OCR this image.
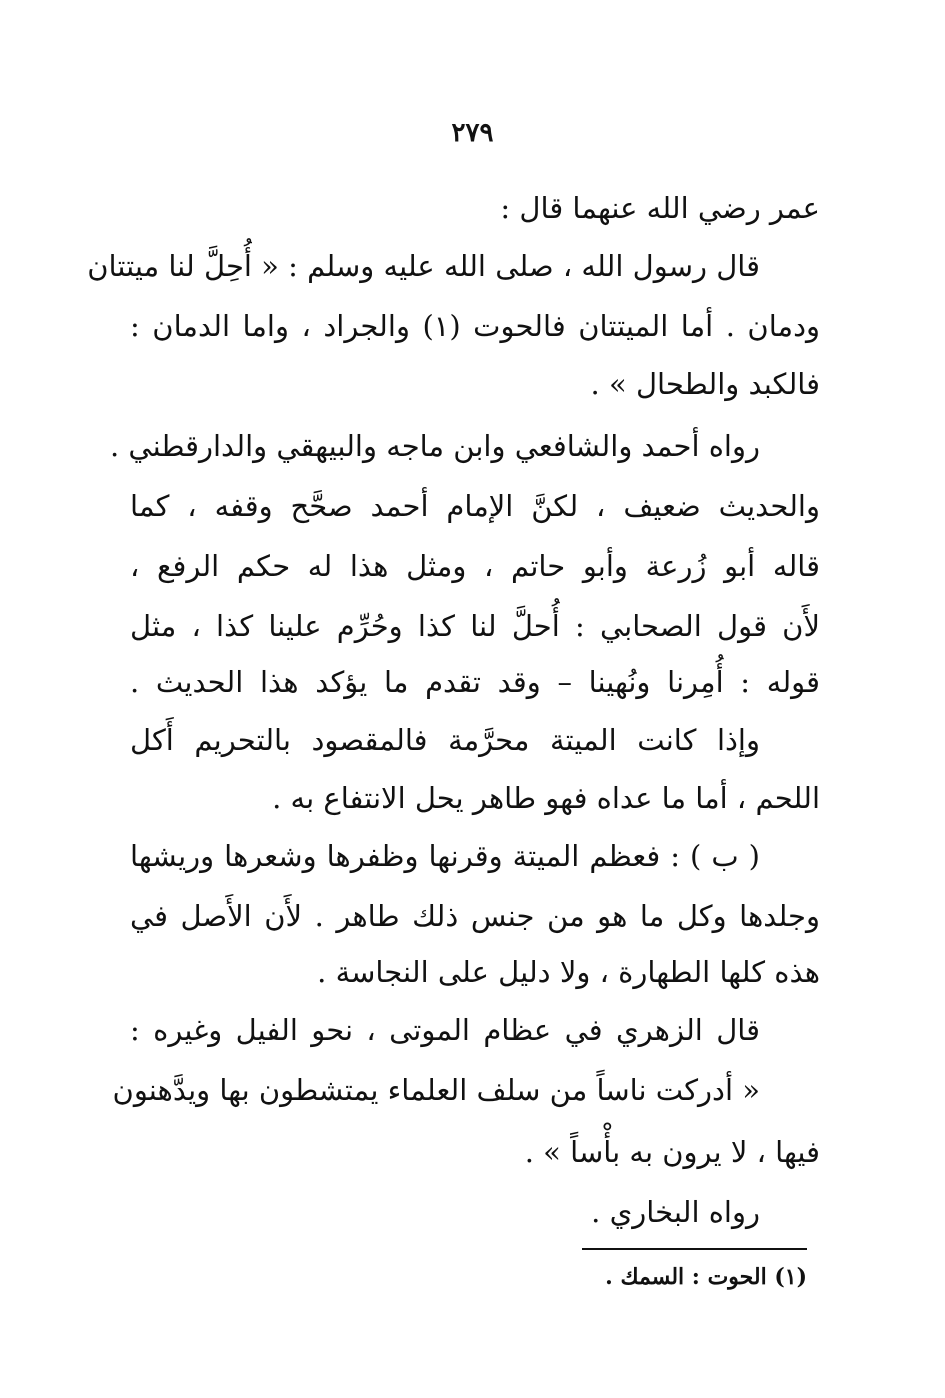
٢٧٩
عمر رضي الله عنهما قال :
قال رسول الله ، صلى الله عليه وسلم : « أُحِلَّ لنا ميتتان
ودمان . أما الميتتان فالحوت (١) والجراد ، واما الدمان :
فالكبد والطحال » .
رواه أحمد والشافعي وابن ماجه والبيهقي والدارقطني .
والحديث ضعيف ، لكنَّ الإمام أحمد صحَّح وقفه ، كما
قاله أبو زُرعة وأبو حاتم ، ومثل هذا له حكم الرفع ،
لأَن قول الصحابي : أُحلَّ لنا كذا وحُرِّم علينا كذا ، مثل
قوله : أُمِرنا ونُهينا – وقد تقدم ما يؤكد هذا الحديث .
وإذا كانت الميتة محرَّمة فالمقصود بالتحريم أَكل
اللحم ، أما ما عداه فهو طاهر يحل الانتفاع به .
( ب ) : فعظم الميتة وقرنها وظفرها وشعرها وريشها
وجلدها وكل ما هو من جنس ذلك طاهر . لأَن الأَصل في
هذه كلها الطهارة ، ولا دليل على النجاسة .
قال الزهري في عظام الموتى ، نحو الفيل وغيره :
« أدركت ناساً من سلف العلماء يمتشطون بها ويدَّهنون
فيها ، لا يرون به بأْساً » .
رواه البخاري .
(١) الحوت : السمك .
